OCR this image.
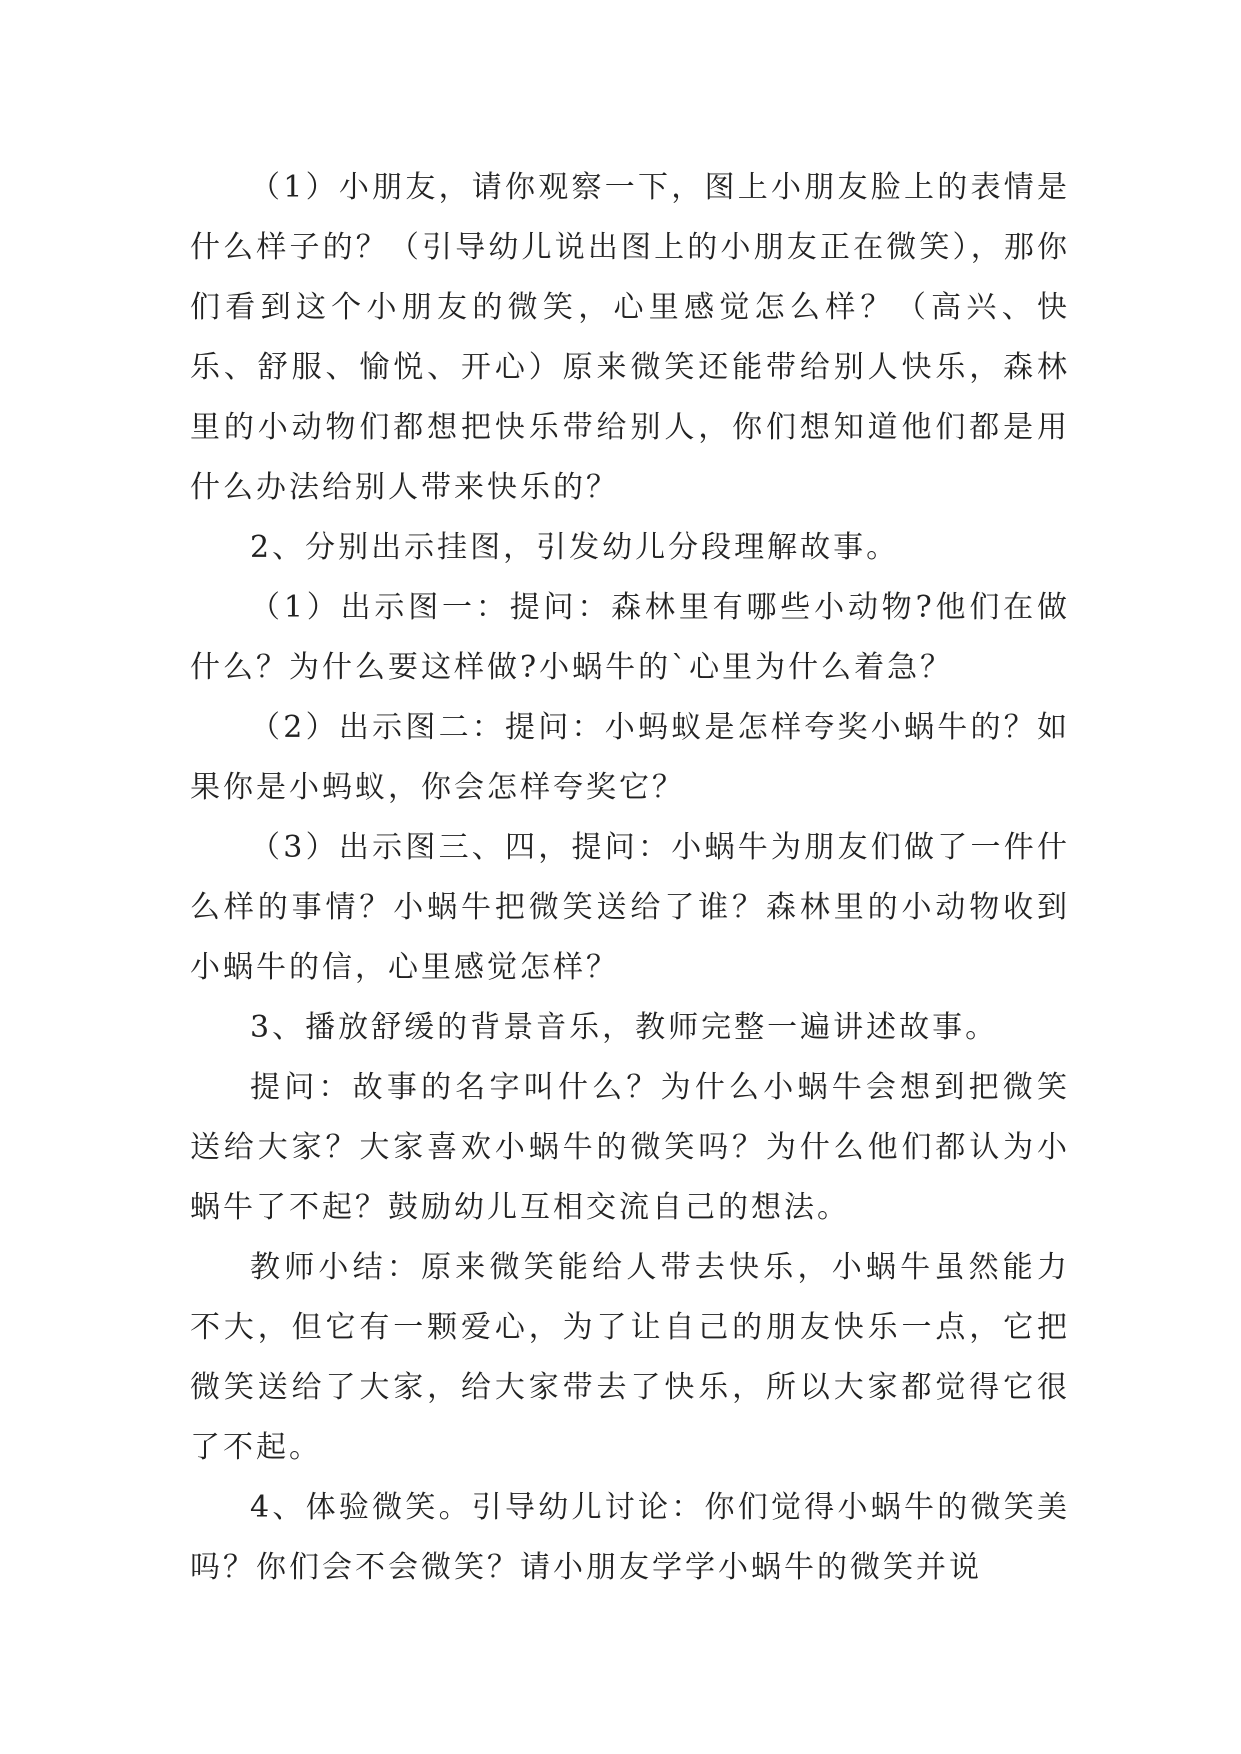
（1）小朋友，请你观察一下，图上小朋友脸上的表情是什么样子的？（引导幼儿说出图上的小朋友正在微笑），那你们看到这个小朋友的微笑，心里感觉怎么样？（高兴、快乐、舒服、愉悦、开心）原来微笑还能带给别人快乐，森林里的小动物们都想把快乐带给别人，你们想知道他们都是用什么办法给别人带来快乐的？

2、分别出示挂图，引发幼儿分段理解故事。

（1）出示图一：提问：森林里有哪些小动物?他们在做什么？为什么要这样做?小蜗牛的`心里为什么着急？

（2）出示图二：提问：小蚂蚁是怎样夸奖小蜗牛的？如果你是小蚂蚁，你会怎样夸奖它？

（3）出示图三、四，提问：小蜗牛为朋友们做了一件什么样的事情？小蜗牛把微笑送给了谁？森林里的小动物收到小蜗牛的信，心里感觉怎样？

3、播放舒缓的背景音乐，教师完整一遍讲述故事。

提问：故事的名字叫什么？为什么小蜗牛会想到把微笑送给大家？大家喜欢小蜗牛的微笑吗？为什么他们都认为小蜗牛了不起？鼓励幼儿互相交流自己的想法。

教师小结：原来微笑能给人带去快乐，小蜗牛虽然能力不大，但它有一颗爱心，为了让自己的朋友快乐一点，它把微笑送给了大家，给大家带去了快乐，所以大家都觉得它很了不起。

4、体验微笑。引导幼儿讨论：你们觉得小蜗牛的微笑美吗？你们会不会微笑？请小朋友学学小蜗牛的微笑并说
